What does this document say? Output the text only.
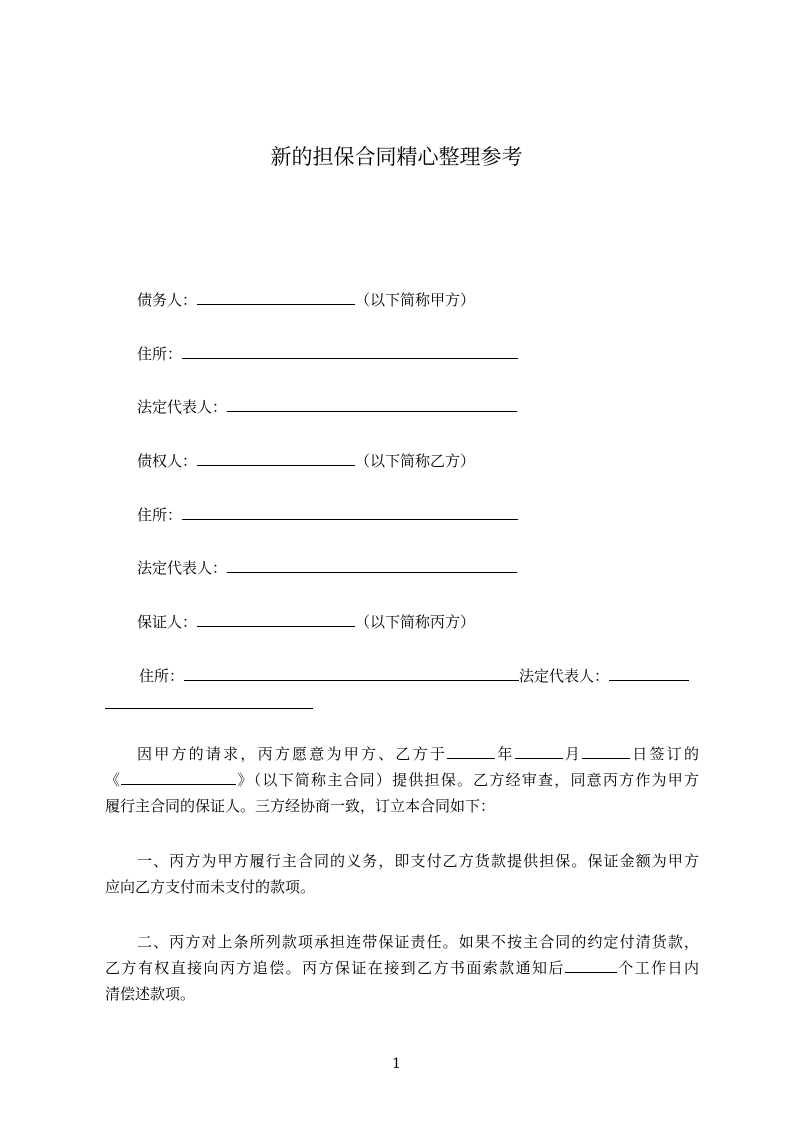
新的担保合同精心整理参考
债务人：	（以下简称甲方）
住所：
法定代表人：
债权人：	（以下简称乙方）
住所：
法定代表人：
保证人：	（以下简称丙方）
住所：	法定代表人：
因甲方的请求，丙方愿意为甲方、乙方于	年	月	日签订的
《	》（以下简称主合同）提供担保。乙方经审查，同意丙方作为甲方
履行主合同的保证人。三方经协商一致，订立本合同如下：
一、丙方为甲方履行主合同的义务，即支付乙方货款提供担保。保证金额为甲方
应向乙方支付而未支付的款项。
二、丙方对上条所列款项承担连带保证责任。如果不按主合同的约定付清货款，
乙方有权直接向丙方追偿。丙方保证在接到乙方书面索款通知后	个工作日内
清偿述款项。
1
